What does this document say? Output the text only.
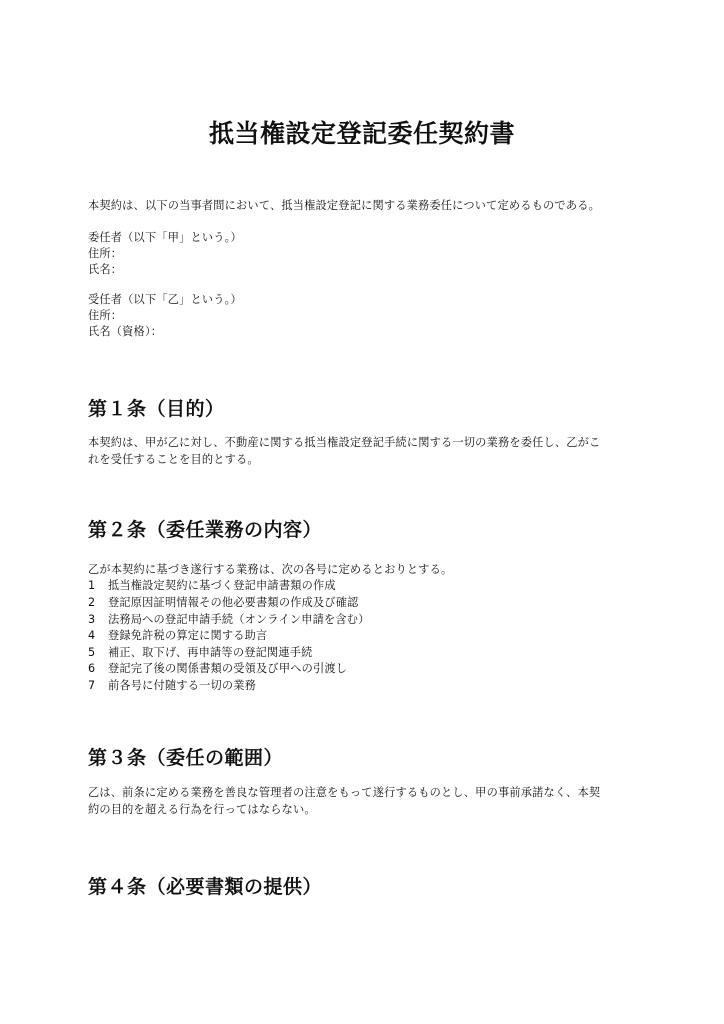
抵当権設定登記委任契約書
本契約は、以下の当事者間において、抵当権設定登記に関する業務委任について定めるものである。
委任者（以下「甲」という。）
住所：
氏名：
受任者（以下「乙」という。）
住所：
氏名（資格）：
第１条（目的）
本契約は、甲が乙に対し、不動産に関する抵当権設定登記手続に関する一切の業務を委任し、乙がこ
れを受任することを目的とする。
第２条（委任業務の内容）
乙が本契約に基づき遂行する業務は、次の各号に定めるとおりとする。
1 抵当権設定契約に基づく登記申請書類の作成
2 登記原因証明情報その他必要書類の作成及び確認
3 法務局への登記申請手続（オンライン申請を含む）
4 登録免許税の算定に関する助言
5 補正、取下げ、再申請等の登記関連手続
6 登記完了後の関係書類の受領及び甲への引渡し
7 前各号に付随する一切の業務
第３条（委任の範囲）
乙は、前条に定める業務を善良な管理者の注意をもって遂行するものとし、甲の事前承諾なく、本契
約の目的を超える行為を行ってはならない。
第４条（必要書類の提供）
